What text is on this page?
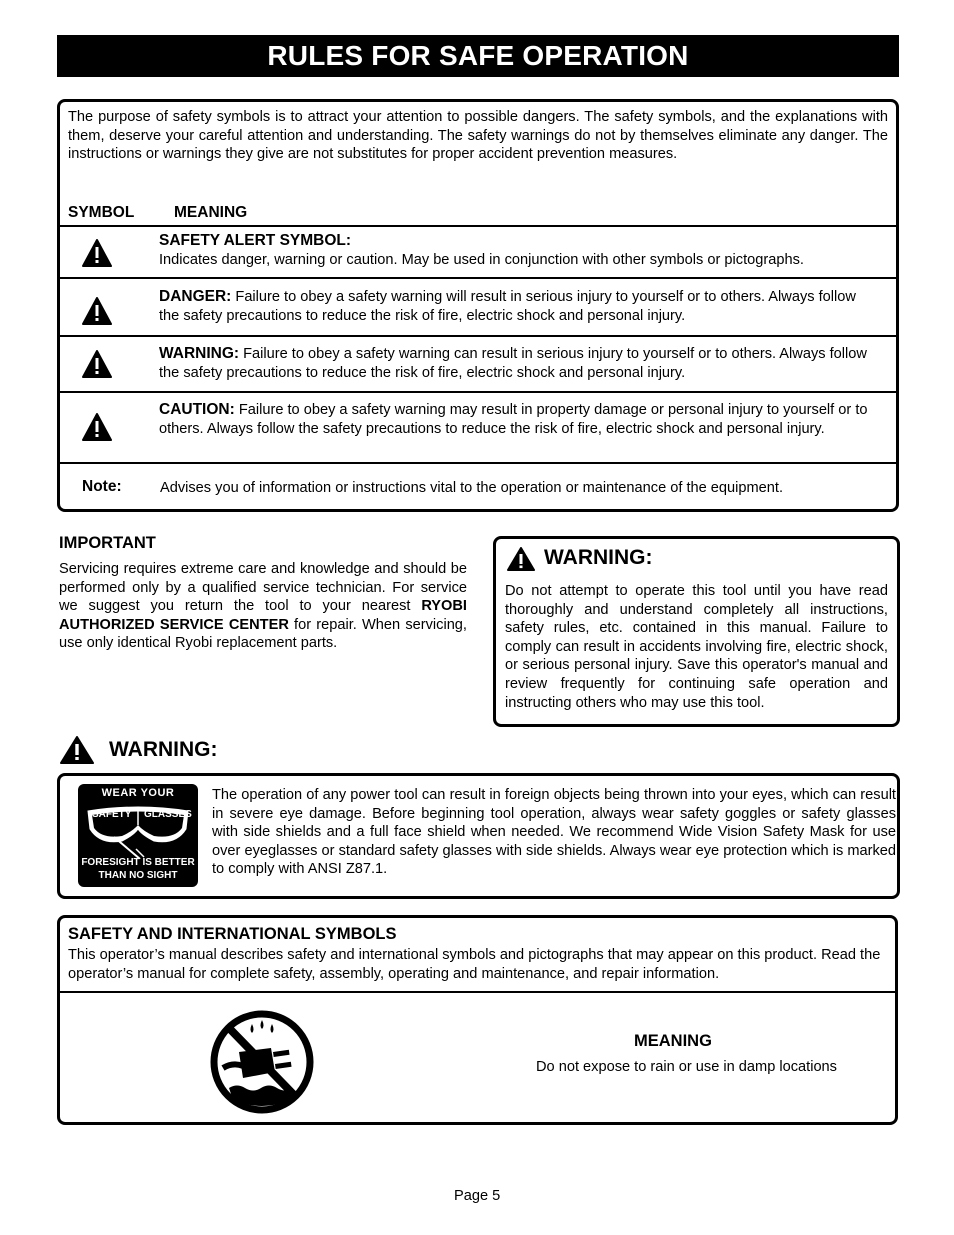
RULES FOR SAFE OPERATION
The purpose of safety symbols is to attract your attention to possible dangers. The safety symbols, and the explanations with them, deserve your careful attention and understanding. The safety warnings do not by themselves eliminate any danger. The instructions or warnings they give are not substitutes for proper accident prevention measures.
SYMBOL	MEANING
SAFETY ALERT SYMBOL:
Indicates danger, warning or caution. May be used in conjunction with other symbols or pictographs.
DANGER: Failure to obey a safety warning will result in serious injury to yourself or to others. Always follow the safety precautions to reduce the risk of fire, electric shock and personal injury.
WARNING: Failure to obey a safety warning can result in serious injury to yourself or to others. Always follow the safety precautions to reduce the risk of fire, electric shock and personal injury.
CAUTION: Failure to obey a safety warning may result in property damage or personal injury to yourself or to others. Always follow the safety precautions to reduce the risk of fire, electric shock and personal injury.
Note:	Advises you of information or instructions vital to the operation or maintenance of the equipment.
IMPORTANT
Servicing requires extreme care and knowledge and should be performed only by a qualified service technician. For service we suggest you return the tool to your nearest RYOBI AUTHORIZED SERVICE CENTER for repair. When servicing, use only identical Ryobi replacement parts.
WARNING:
Do not attempt to operate this tool until you have read thoroughly and understand completely all instructions, safety rules, etc. contained in this manual. Failure to comply can result in accidents involving fire, electric shock, or serious personal injury. Save this operator's manual and review frequently for continuing safe operation and instructing others who may use this tool.
WARNING:
WEAR YOUR
SAFETY GLASSES
FORESIGHT IS BETTER
THAN NO SIGHT
The operation of any power tool can result in foreign objects being thrown into your eyes, which can result in severe eye damage. Before beginning tool operation, always wear safety goggles or safety glasses with side shields and a full face shield when needed. We recommend Wide Vision Safety Mask for use over eyeglasses or standard safety glasses with side shields. Always wear eye protection which is marked to comply with ANSI Z87.1.
SAFETY AND INTERNATIONAL SYMBOLS
This operator’s manual describes safety and international symbols and pictographs that may appear on this product. Read the operator’s manual for complete safety, assembly, operating and maintenance, and repair information.
MEANING
Do not expose to rain or use in damp locations
Page 5
